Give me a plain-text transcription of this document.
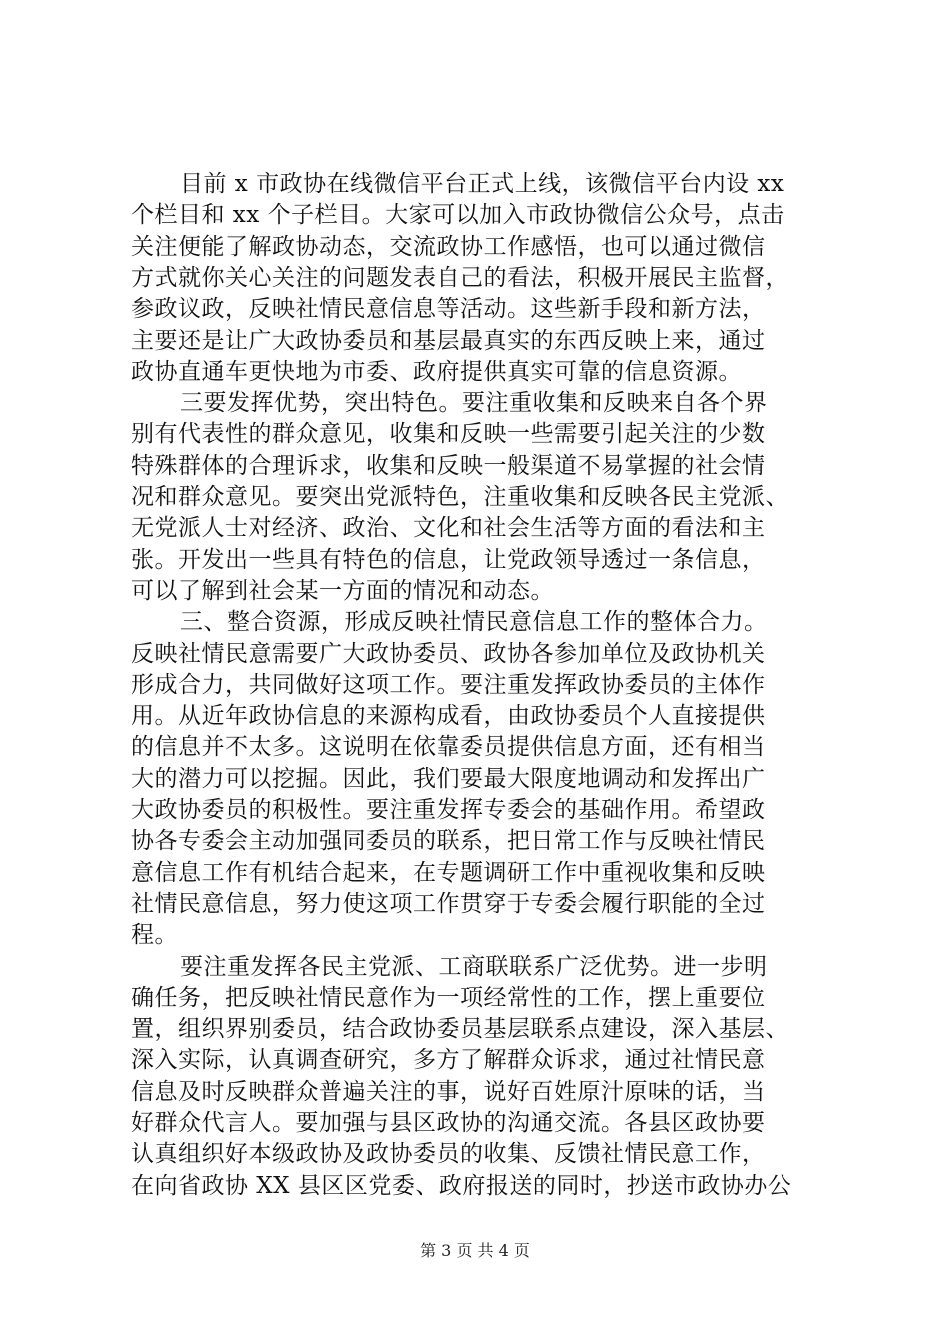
目前 x 市政协在线微信平台正式上线，该微信平台内设 xx
个栏目和 xx 个子栏目。大家可以加入市政协微信公众号，点击
关注便能了解政协动态，交流政协工作感悟，也可以通过微信
方式就你关心关注的问题发表自己的看法，积极开展民主监督，
参政议政，反映社情民意信息等活动。这些新手段和新方法，
主要还是让广大政协委员和基层最真实的东西反映上来，通过
政协直通车更快地为市委、政府提供真实可靠的信息资源。
三要发挥优势，突出特色。要注重收集和反映来自各个界
别有代表性的群众意见，收集和反映一些需要引起关注的少数
特殊群体的合理诉求，收集和反映一般渠道不易掌握的社会情
况和群众意见。要突出党派特色，注重收集和反映各民主党派、
无党派人士对经济、政治、文化和社会生活等方面的看法和主
张。开发出一些具有特色的信息，让党政领导透过一条信息，
可以了解到社会某一方面的情况和动态。
三、整合资源，形成反映社情民意信息工作的整体合力。
反映社情民意需要广大政协委员、政协各参加单位及政协机关
形成合力，共同做好这项工作。要注重发挥政协委员的主体作
用。从近年政协信息的来源构成看，由政协委员个人直接提供
的信息并不太多。这说明在依靠委员提供信息方面，还有相当
大的潜力可以挖掘。因此，我们要最大限度地调动和发挥出广
大政协委员的积极性。要注重发挥专委会的基础作用。希望政
协各专委会主动加强同委员的联系，把日常工作与反映社情民
意信息工作有机结合起来，在专题调研工作中重视收集和反映
社情民意信息，努力使这项工作贯穿于专委会履行职能的全过
程。
要注重发挥各民主党派、工商联联系广泛优势。进一步明
确任务，把反映社情民意作为一项经常性的工作，摆上重要位
置，组织界别委员，结合政协委员基层联系点建设，深入基层、
深入实际，认真调查研究，多方了解群众诉求，通过社情民意
信息及时反映群众普遍关注的事，说好百姓原汁原味的话，当
好群众代言人。要加强与县区政协的沟通交流。各县区政协要
认真组织好本级政协及政协委员的收集、反馈社情民意工作，
在向省政协 XX 县区区党委、政府报送的同时，抄送市政协办公
第 3 页 共 4 页
